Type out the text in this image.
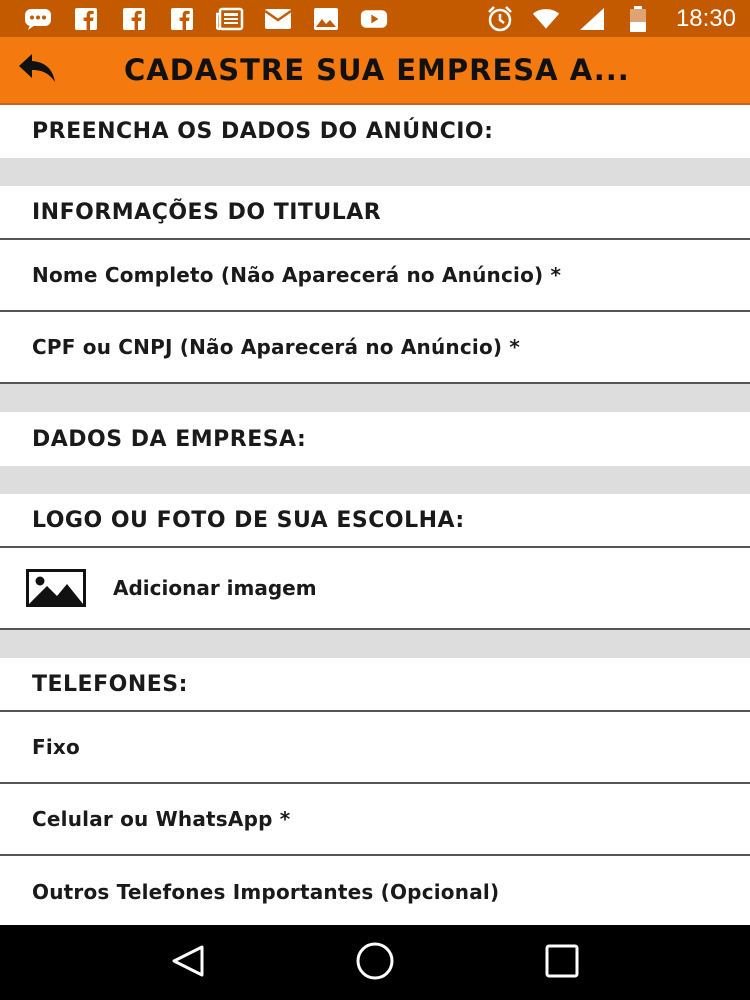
18:30
CADASTRE SUA EMPRESA A...
PREENCHA OS DADOS DO ANÚNCIO:
INFORMAÇÕES DO TITULAR
Nome Completo (Não Aparecerá no Anúncio) *
CPF ou CNPJ (Não Aparecerá no Anúncio) *
DADOS DA EMPRESA:
LOGO OU FOTO DE SUA ESCOLHA:
Adicionar imagem
TELEFONES:
Fixo
Celular ou WhatsApp *
Outros Telefones Importantes (Opcional)
